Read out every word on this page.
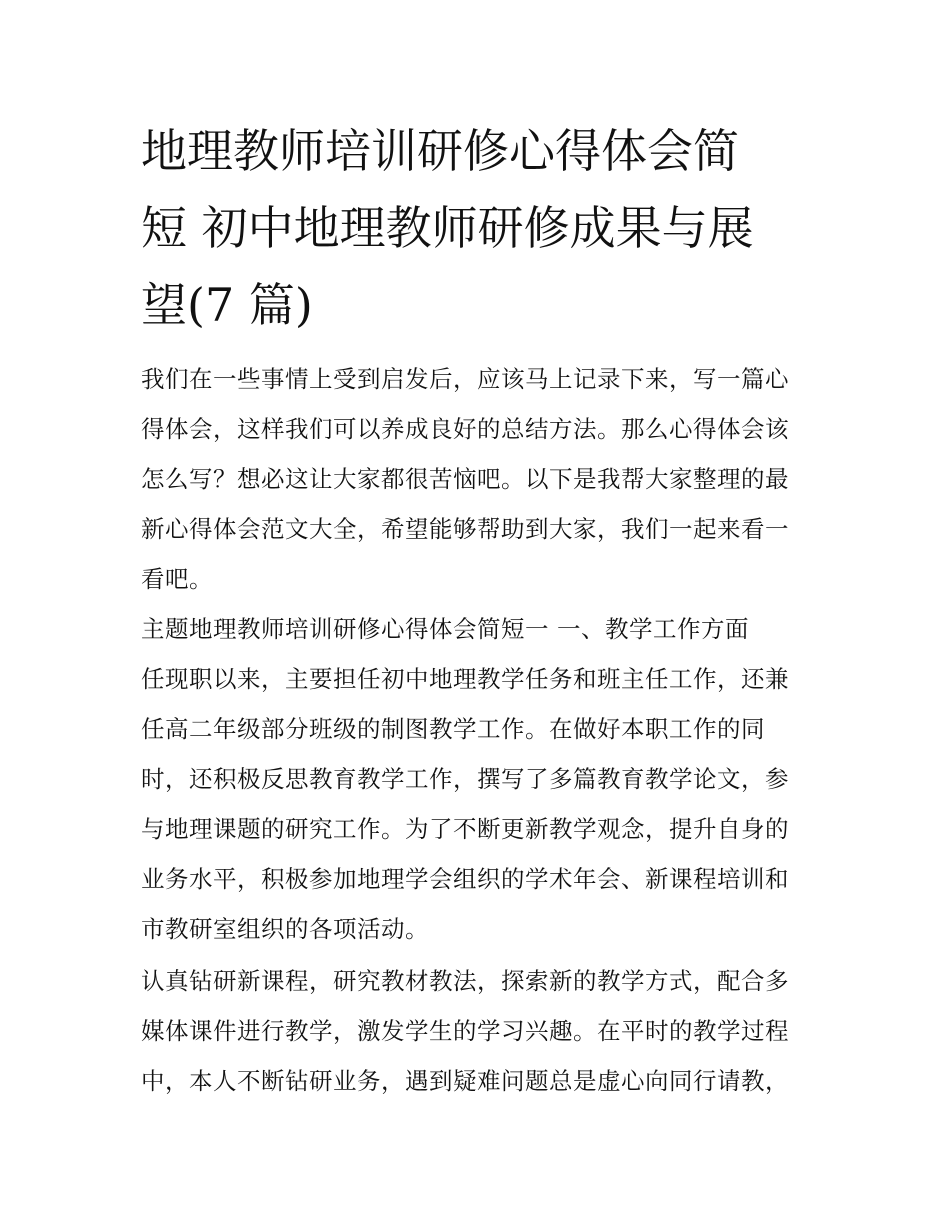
地理教师培训研修心得体会简
短 初中地理教师研修成果与展
望(7 篇)
我们在一些事情上受到启发后，应该马上记录下来，写一篇心
得体会，这样我们可以养成良好的总结方法。那么心得体会该
怎么写？想必这让大家都很苦恼吧。以下是我帮大家整理的最
新心得体会范文大全，希望能够帮助到大家，我们一起来看一
看吧。
主题地理教师培训研修心得体会简短一 一、教学工作方面
任现职以来，主要担任初中地理教学任务和班主任工作，还兼
任高二年级部分班级的制图教学工作。在做好本职工作的同
时，还积极反思教育教学工作，撰写了多篇教育教学论文，参
与地理课题的研究工作。为了不断更新教学观念，提升自身的
业务水平，积极参加地理学会组织的学术年会、新课程培训和
市教研室组织的各项活动。
认真钻研新课程，研究教材教法，探索新的教学方式，配合多
媒体课件进行教学，激发学生的学习兴趣。在平时的教学过程
中，本人不断钻研业务，遇到疑难问题总是虚心向同行请教，
